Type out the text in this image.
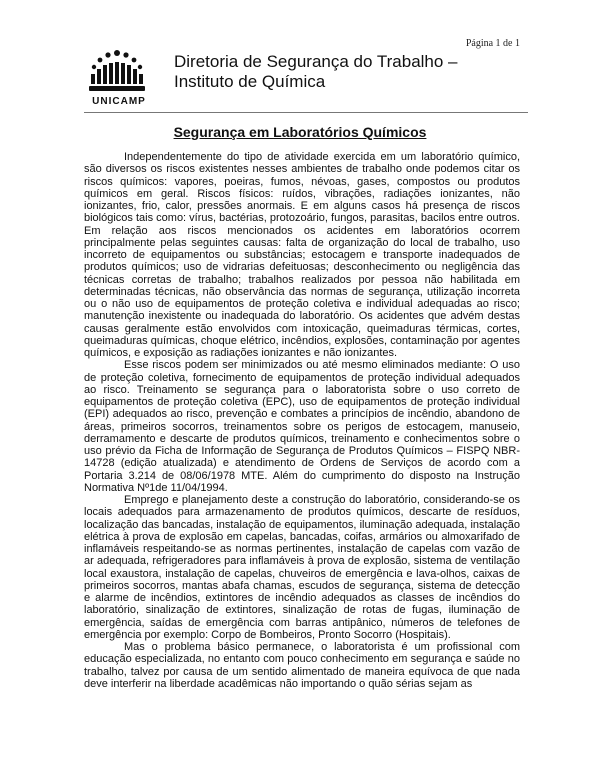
Página 1 de 1
UNICAMP
Diretoria de Segurança do Trabalho –
Instituto de Química
Segurança em Laboratórios Químicos

Independentemente do tipo de atividade exercida em um laboratório químico, são diversos os riscos existentes nesses ambientes de trabalho onde podemos citar os riscos químicos: vapores, poeiras, fumos, névoas, gases, compostos ou produtos químicos em geral. Riscos físicos: ruídos, vibrações, radiações ionizantes, não ionizantes, frio, calor, pressões anormais. E em alguns casos há presença de riscos biológicos tais como: vírus, bactérias, protozoário, fungos, parasitas, bacilos entre outros. Em relação aos riscos mencionados os acidentes em laboratórios ocorrem principalmente pelas seguintes causas: falta de organização do local de trabalho, uso incorreto de equipamentos ou substâncias; estocagem e transporte inadequados de produtos químicos; uso de vidrarias defeituosas; desconhecimento ou negligência das técnicas corretas de trabalho; trabalhos realizados por pessoa não habilitada em determinadas técnicas, não observância das normas de segurança, utilização incorreta ou o não uso de equipamentos de proteção coletiva e individual adequadas ao risco; manutenção inexistente ou inadequada do laboratório. Os acidentes que advém destas causas geralmente estão envolvidos com intoxicação, queimaduras térmicas, cortes, queimaduras químicas, choque elétrico, incêndios, explosões, contaminação por agentes químicos, e exposição as radiações ionizantes e não ionizantes.

Esse riscos podem ser minimizados ou até mesmo eliminados mediante: O uso de proteção coletiva, fornecimento de equipamentos de proteção individual adequados ao risco. Treinamento se segurança para o laboratorista sobre o uso correto de equipamentos de proteção coletiva (EPC), uso de equipamentos de proteção individual (EPI) adequados ao risco, prevenção e combates a princípios de incêndio, abandono de áreas, primeiros socorros, treinamentos sobre os perigos de estocagem, manuseio, derramamento e descarte de produtos químicos, treinamento e conhecimentos sobre o uso prévio da Ficha de Informação de Segurança de Produtos Químicos – FISPQ NBR-14728 (edição atualizada) e atendimento de Ordens de Serviços de acordo com a Portaria 3.214 de 08/06/1978 MTE. Além do cumprimento do disposto na Instrução Normativa Nº1de 11/04/1994.

Emprego e planejamento deste a construção do laboratório, considerando-se os locais adequados para armazenamento de produtos químicos, descarte de resíduos, localização das bancadas, instalação de equipamentos, iluminação adequada, instalação elétrica à prova de explosão em capelas, bancadas, coifas, armários ou almoxarifado de inflamáveis respeitando-se as normas pertinentes, instalação de capelas com vazão de ar adequada, refrigeradores para inflamáveis à prova de explosão, sistema de ventilação local exaustora, instalação de capelas, chuveiros de emergência e lava-olhos, caixas de primeiros socorros, mantas abafa chamas, escudos de segurança, sistema de detecção e alarme de incêndios, extintores de incêndio adequados as classes de incêndios do laboratório, sinalização de extintores, sinalização de rotas de fugas, iluminação de emergência, saídas de emergência com barras antipânico, números de telefones de emergência por exemplo: Corpo de Bombeiros, Pronto Socorro (Hospitais).

Mas o problema básico permanece, o laboratorista é um profissional com educação especializada, no entanto com pouco conhecimento em segurança e saúde no trabalho, talvez por causa de um sentido alimentado de maneira equívoca de que nada deve interferir na liberdade acadêmicas não importando o quão sérias sejam as
